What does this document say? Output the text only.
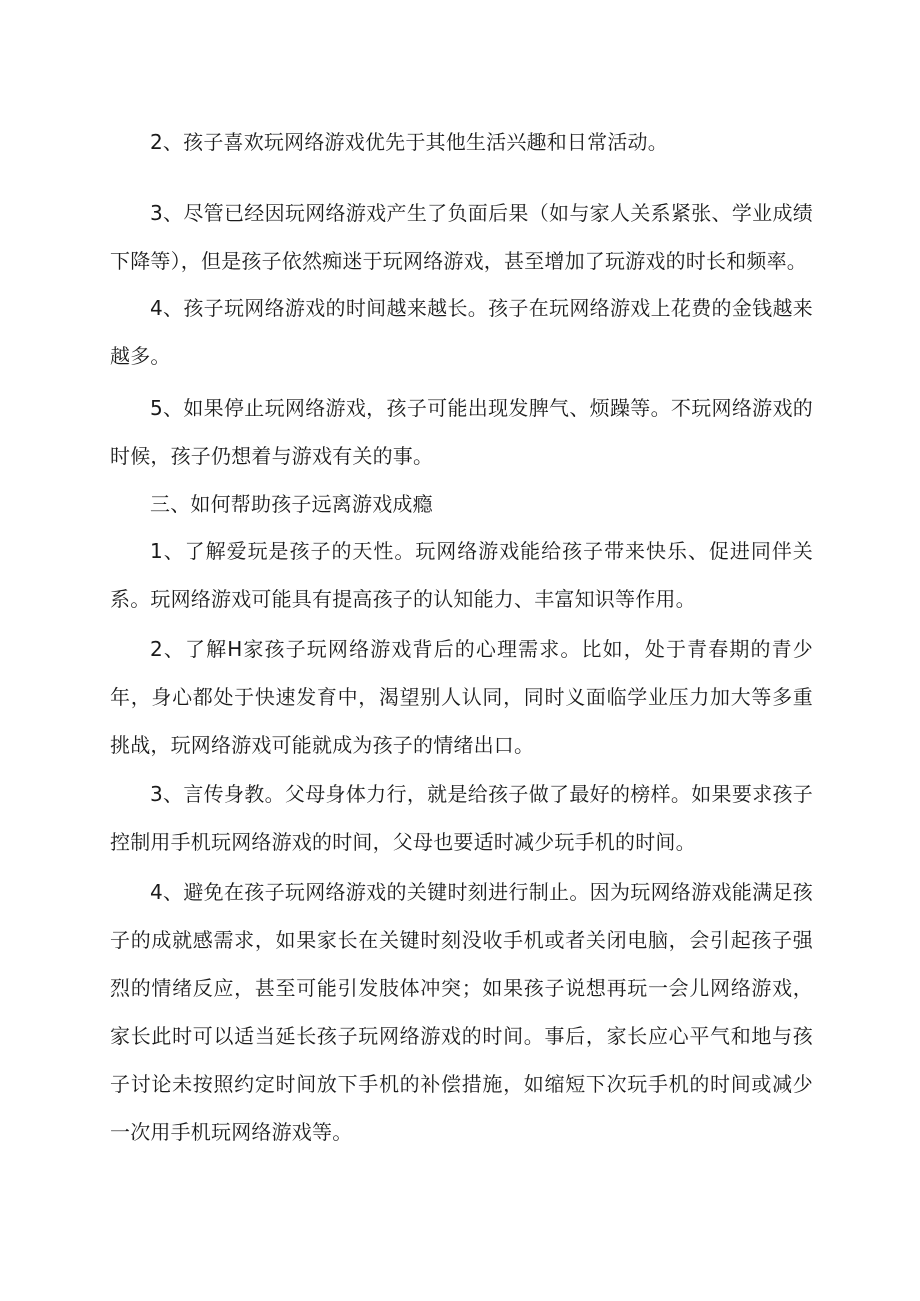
2、孩子喜欢玩网络游戏优先于其他生活兴趣和日常活动。

3、尽管已经因玩网络游戏产生了负面后果（如与家人关系紧张、学业成绩下降等），但是孩子依然痴迷于玩网络游戏，甚至增加了玩游戏的时长和频率。

4、孩子玩网络游戏的时间越来越长。孩子在玩网络游戏上花费的金钱越来越多。

5、如果停止玩网络游戏，孩子可能出现发脾气、烦躁等。不玩网络游戏的时候，孩子仍想着与游戏有关的事。

三、如何帮助孩子远离游戏成瘾

1、了解爱玩是孩子的天性。玩网络游戏能给孩子带来快乐、促进同伴关系。玩网络游戏可能具有提高孩子的认知能力、丰富知识等作用。

2、了解H家孩子玩网络游戏背后的心理需求。比如，处于青春期的青少年，身心都处于快速发育中，渴望别人认同，同时义面临学业压力加大等多重挑战，玩网络游戏可能就成为孩子的情绪出口。

3、言传身教。父母身体力行，就是给孩子做了最好的榜样。如果要求孩子控制用手机玩网络游戏的时间，父母也要适时减少玩手机的时间。

4、避免在孩子玩网络游戏的关键时刻进行制止。因为玩网络游戏能满足孩子的成就感需求，如果家长在关键时刻没收手机或者关闭电脑，会引起孩子强烈的情绪反应，甚至可能引发肢体冲突；如果孩子说想再玩一会儿网络游戏，家长此时可以适当延长孩子玩网络游戏的时间。事后，家长应心平气和地与孩子讨论未按照约定时间放下手机的补偿措施，如缩短下次玩手机的时间或减少一次用手机玩网络游戏等。
